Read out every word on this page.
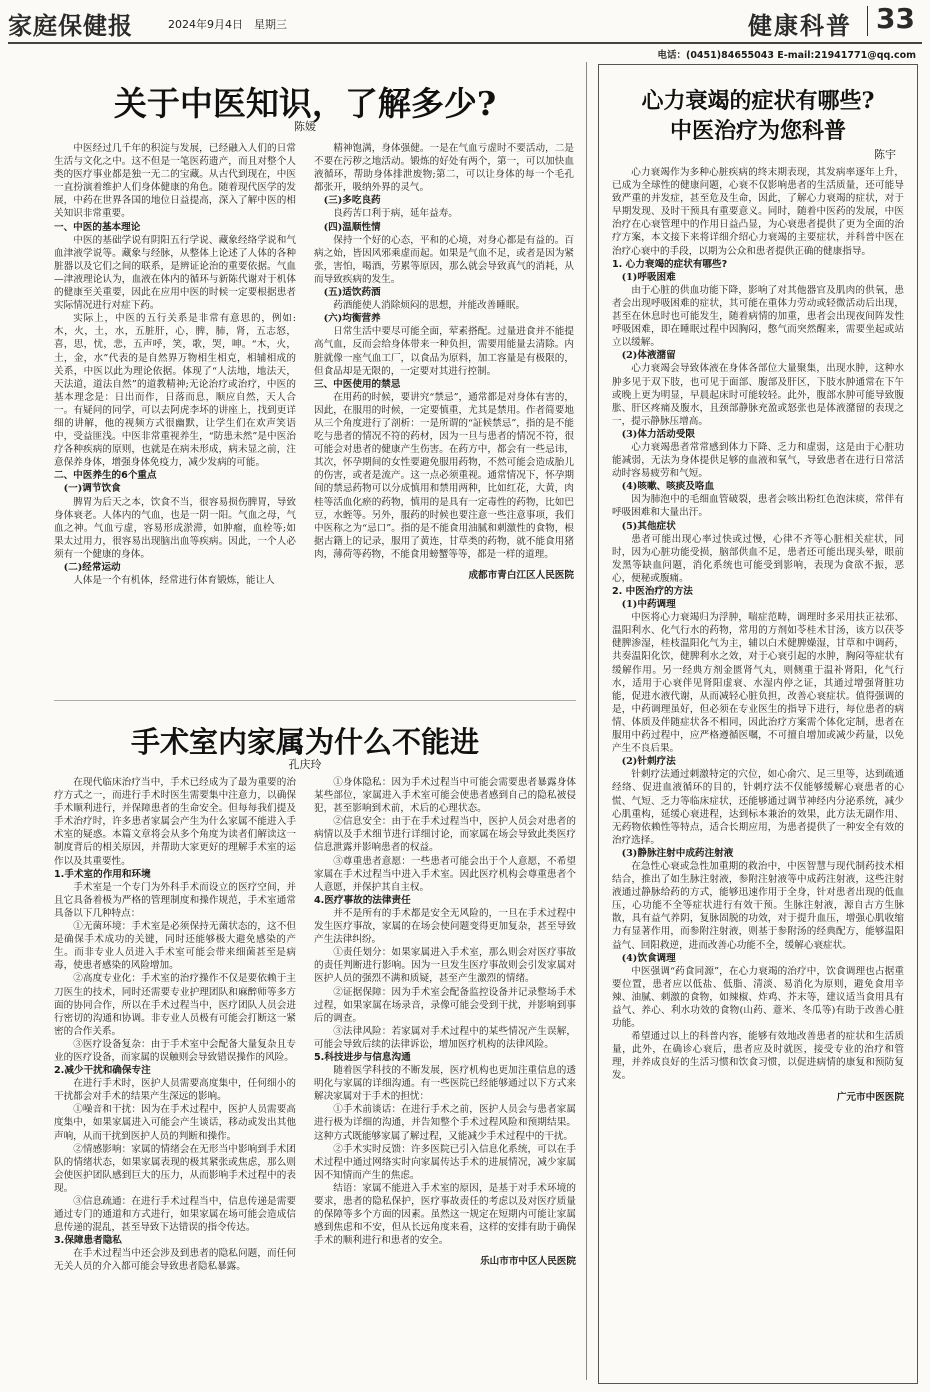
家庭保健报	2024年9月4日 星期三	健康科普 33
电话：(0451)84655043 E-mail:21941771@qq.com
关于中医知识，了解多少?
陈媛

中医经过几千年的积淀与发展，已经融入人们的日常生活与文化之中。这不但是一笔医药遗产，而且对整个人类的医疗事业都是独一无二的宝藏。从古代到现在，中医一直扮演着维护人们身体健康的角色。随着现代医学的发展，中药在世界各国的地位日益提高，深入了解中医的相关知识非常重要。

一、中医的基本理论

中医的基础学说有阴阳五行学说、藏象经络学说和气血津液学说等。藏象与经脉，从整体上论述了人体的各种脏器以及它们之间的联系，是辨证论治的重要依据。气血—津液理论认为，血液在体内的循环与新陈代谢对于机体的健康至关重要，因此在应用中医的时候一定要根据患者实际情况进行对症下药。

实际上，中医的五行关系是非常有意思的，例如:木，火，土，水，五脏肝，心，脾，肺，肾，五志怒，喜，思，忧，悲，五声呼，笑，歌，哭，呻。“木，火，土，金，水”代表的是自然界万物相生相克，相辅相成的关系，中医以此为理论依据。体现了“人法地，地法天，天法道，道法自然”的道教精神;无论治疗或治疗，中医的基本理念是：日出而作，日落而息，顺应自然，天人合一。有疑问的同学，可以去阿虎李坏的讲座上，找到更详细的讲解，他的视频方式很幽默，让学生们在欢声笑语中，受益匪浅。中医非常重视养生，“防患未然”是中医治疗各种疾病的原则，也就是在病未形成，病未显之前，注意保养身体，增强身体免疫力，减少发病的可能。

二、中医养生的6个重点

(一)调节饮食

脾胃为后天之本，饮食不当，很容易损伤脾胃，导致身体衰老。人体内的气血，也是一阴一阳。气血之母，气血之神。气血亏虚，容易形成淤滞，如肿瘤，血栓等;如果太过用力，很容易出现脑出血等疾病。因此，一个人必须有一个健康的身体。

(二)经常运动

人体是一个有机体，经常进行体育锻炼，能让人

精神饱满，身体强健。一是在气血亏虚时不要活动，二是不要在污秽之地活动。锻炼的好处有两个，第一，可以加快血液循环，帮助身体排泄废物;第二，可以让身体的每一个毛孔都张开，吸纳外界的灵气。

(三)多吃良药

良药苦口利于病，延年益寿。

(四)温顺性情

保持一个好的心态，平和的心境，对身心都是有益的。百病之始，皆因风邪乘虚而起。如果是气血不足，或者是因为紧张，害怕，喝酒，劳累等原因，那么就会导致真气的消耗，从而导致疾病的发生。

(五)适饮药酒

药酒能使人消除烦闷的思想，并能改善睡眠。

(六)均衡营养

日常生活中要尽可能全面，荤素搭配。过量进食并不能提高气血，反而会给身体带来一种负担，需要用能量去清除。内脏就像一座气血工厂，以食品为原料，加工容量是有极限的，但食品却是无限的，一定要对其进行控制。

三、中医使用的禁忌

在用药的时候，要讲究“禁忌”，通常都是对身体有害的，因此，在服用的时候，一定要慎重，尤其是禁用。作者简要地从三个角度进行了剖析：一是所谓的“証候禁忌”，指的是不能吃与患者的情况不符的药材，因为一旦与患者的情况不符，很可能会对患者的健康产生伤害。在药方中，都会有一些忌讳，其次，怀孕期间的女性要避免服用药物，不然可能会造成胎儿的伤害，或者是流产。这一点必须重视。通常情况下，怀孕期间的禁忌药物可以分成慎用和禁用两种，比如红花，大黄，肉桂等活血化瘀的药物，慎用的是具有一定毒性的药物，比如巴豆，水蛭等。另外，服药的时候也要注意一些注意事项，我们中医称之为“忌口”。指的是不能食用油腻和刺激性的食物，根据古籍上的记录，服用了黄连，甘草类的药物，就不能食用猪肉，薄荷等药物，不能食用螃蟹等等，都是一样的道理。

成都市青白江区人民医院

手术室内家属为什么不能进
孔庆玲

在现代临床治疗当中，手术已经成为了最为重要的治疗方式之一，而进行手术时医生需要集中注意力，以确保手术顺利进行，并保障患者的生命安全。但每每我们提及手术治疗时，许多患者家属会产生为什么家属不能进入手术室的疑惑。本篇文章将会从多个角度为读者们解读这一制度背后的相关原因，并帮助大家更好的理解手术室的运作以及其重要性。

1.手术室的作用和环境

手术室是一个专门为外科手术而设立的医疗空间，并且它具备着极为严格的管理制度和操作规范，手术室通常具备以下几种特点：

①无菌环境：手术室是必须保持无菌状态的，这不但是确保手术成功的关键，同时还能够极大避免感染的产生。而非专业人员进入手术室可能会带来细菌甚至是病毒，使患者感染的风险增加。

②高度专业化：手术室的治疗操作不仅是要依赖于主刀医生的技术，同时还需要专业护理团队和麻醉师等多方面的协同合作，所以在手术过程当中，医疗团队人员会进行密切的沟通和协调。非专业人员极有可能会打断这一紧密的合作关系。

③医疗设备复杂：由于手术室中会配备大量复杂且专业的医疗设备，而家属的误触则会导致错误操作的风险。

2.减少干扰和确保专注

在进行手术时，医护人员需要高度集中，任何细小的干扰都会对手术的结果产生深远的影响。

①噪音和干扰：因为在手术过程中，医护人员需要高度集中，如果家属进入可能会产生谈话，移动或发出其他声响，从而干扰到医护人员的判断和操作。

②情感影响：家属的情绪会在无形当中影响到手术团队的情绪状态，如果家属表现的极其紧张或焦虑，那么则会使医护团队感到巨大的压力，从而影响手术过程中的表现。

③信息疏通：在进行手术过程当中，信息传递是需要通过专门的通道和方式进行，如果家属在场可能会造成信息传递的混乱，甚至导致下达错误的指令传达。

3.保障患者隐私

在手术过程当中还会涉及到患者的隐私问题，而任何无关人员的介入都可能会导致患者隐私暴露。

①身体隐私：因为手术过程当中可能会需要患者暴露身体某些部位，家属进入手术室可能会使患者感到自己的隐私被侵犯，甚至影响到术前，术后的心理状态。

②信息安全：由于在手术过程当中，医护人员会对患者的病情以及手术细节进行详细讨论，而家属在场会导致此类医疗信息泄露并影响患者的权益。

③尊重患者意愿：一些患者可能会出于个人意愿，不希望家属在手术过程当中进入手术室。因此医疗机构会尊重患者个人意愿，并保护其自主权。

4.医疗事故的法律责任

并不是所有的手术都是安全无风险的，一旦在手术过程中发生医疗事故，家属的在场会使问题变得更加复杂，甚至导致产生法律纠纷。

①责任划分：如果家属进入手术室，那么则会对医疗事故的责任判断进行影响。因为一旦发生医疗事故则会引发家属对医护人员的强烈不满和质疑，甚至产生激烈的情绪。

②证据保障：因为手术室会配备监控设备并记录整场手术过程，如果家属在场录音，录像可能会受到干扰，并影响到事后的调查。

③法律风险：若家属对手术过程中的某些情况产生误解，可能会导致后续的法律诉讼，增加医疗机构的法律风险。

5.科技进步与信息沟通

随着医学科技的不断发展，医疗机构也更加注重信息的透明化与家属的详细沟通。有一些医院已经能够通过以下方式来解决家属对于手术的担忧：

①手术前谈话：在进行手术之前，医护人员会与患者家属进行极为详细的沟通，并告知整个手术过程风险和预期结果。这种方式既能够家属了解过程，又能减少手术过程中的干扰。

②手术实时反馈：许多医院已引入信息化系统，可以在手术过程中通过网络实时向家属传达手术的进展情况，减少家属因不知情而产生的焦虑。

结语：家属不能进入手术室的原因，是基于对手术环境的要求，患者的隐私保护，医疗事故责任的考虑以及对医疗质量的保障等多个方面的因素。虽然这一规定在短期内可能让家属感到焦虑和不安，但从长远角度来看，这样的安排有助于确保手术的顺利进行和患者的安全。

乐山市市中区人民医院

心力衰竭的症状有哪些?
中医治疗为您科普
陈宇

心力衰竭作为多种心脏疾病的终末期表现，其发病率逐年上升，已成为全球性的健康问题，心衰不仅影响患者的生活质量，还可能导致严重的并发症，甚至危及生命，因此，了解心力衰竭的症状，对于早期发现、及时干预具有重要意义。同时，随着中医药的发展，中医治疗在心衰管理中的作用日益凸显，为心衰患者提供了更为全面的治疗方案，本文接下来将详细介绍心力衰竭的主要症状，并科普中医在治疗心衰中的手段，以期为公众和患者提供正确的健康指导。

1. 心力衰竭的症状有哪些?

(1)呼吸困难

由于心脏的供血功能下降，影响了对其他器官及肌肉的供氧，患者会出现呼吸困难的症状，其可能在重体力劳动或轻微活动后出现，甚至在休息时也可能发生，随着病情的加重，患者会出现夜间阵发性呼吸困难，即在睡眠过程中因胸闷，憋气而突然醒来，需要坐起或站立以缓解。

(2)体液潴留

心力衰竭会导致体液在身体各部位大量聚集，出现水肿，这种水肿多见于双下肢，也可见于面部、腹部及肝区，下肢水肿通常在下午或晚上更为明显，早晨起床时可能较轻。此外，腹部水肿可能导致腹胀、肝区疼痛及腹水，且颈部静脉充盈或怒张也是体液潴留的表现之一，提示静脉压增高。

(3)体力活动受限

心力衰竭患者常常感到体力下降、乏力和虚弱，这是由于心脏功能减弱，无法为身体提供足够的血液和氧气，导致患者在进行日常活动时容易疲劳和气短。

(4)咳嗽、咳痰及咯血

因为肺泡中的毛细血管破裂，患者会咳出粉红色泡沫痰，常伴有呼吸困难和大量出汗。

(5)其他症状

患者可能出现心率过快或过慢，心律不齐等心脏相关症状，同时，因为心脏功能受损，脑部供血不足，患者还可能出现头晕，眼前发黑等缺血问题，消化系统也可能受到影响，表现为食欲不振，恶心，便秘或腹痛。

2. 中医治疗的方法

(1)中药调理

中医将心力衰竭归为浮肿，喘症范畴，调理时多采用扶正祛邪、温阳利水、化气行水的药物，常用的方剂如苓桂术甘汤，该方以茯苓健脾渗湿，桂枝温阳化气为主，辅以白术健脾燥湿，甘草和中调药，共奏温阳化饮，健脾利水之效，对于心衰引起的水肿，胸闷等症状有缓解作用。另一经典方剂金匮肾气丸，则侧重于温补肾阳，化气行水，适用于心衰伴见肾阳虚衰、水湿内停之证，其通过增强肾脏功能，促进水液代谢，从而减轻心脏负担，改善心衰症状。值得强调的是，中药调理虽好，但必须在专业医生的指导下进行，每位患者的病情、体质及伴随症状各不相同，因此治疗方案需个体化定制，患者在服用中药过程中，应严格遵循医嘱，不可擅自增加或减少药量，以免产生不良后果。

(2)针刺疗法

针刺疗法通过刺激特定的穴位，如心俞穴、足三里等，达到疏通经络、促进血液循环的目的，针刺疗法不仅能够缓解心衰患者的心慌、气短、乏力等临床症状，还能够通过调节神经内分泌系统，减少心肌重构，延缓心衰进程，达到标本兼治的效果，此方法无副作用、无药物依赖性等特点，适合长期应用，为患者提供了一种安全有效的治疗选择。

(3)静脉注射中成药注射液

在急性心衰或急性加重期的救治中，中医智慧与现代制药技术相结合，推出了如生脉注射液，参附注射液等中成药注射液，这些注射液通过静脉给药的方式，能够迅速作用于全身，针对患者出现的低血压，心功能不全等症状进行有效干预。生脉注射液，源自古方生脉散，具有益气养阴，复脉固脱的功效，对于提升血压，增强心肌收缩力有显著作用，而参附注射液，则基于参附汤的经典配方，能够温阳益气、回阳救逆，进而改善心功能不全，缓解心衰症状。

(4)饮食调理

中医强调“药食同源”，在心力衰竭的治疗中，饮食调理也占据重要位置，患者应以低盐、低脂、清淡、易消化为原则，避免食用辛辣、油腻、刺激的食物，如辣椒、炸鸡、芥末等，建议适当食用具有益气、养心、利水功效的食物(山药、薏米、冬瓜等)有助于改善心脏功能。

希望通过以上的科普内容，能够有效地改善患者的症状和生活质量，此外，在确诊心衰后，患者应及时就医，接受专业的治疗和管理，并养成良好的生活习惯和饮食习惯，以促进病情的康复和预防复发。

广元市中医医院
